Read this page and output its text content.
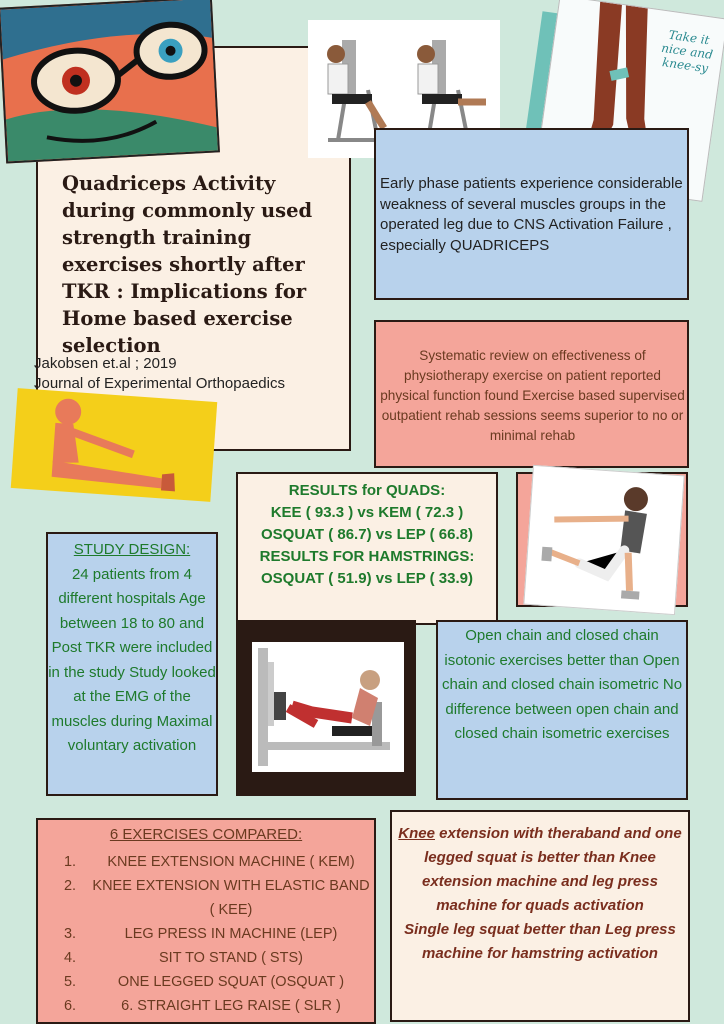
Quadriceps Activity during commonly used strength training exercises shortly after TKR : Implications for Home based exercise selection
Jakobsen et.al ; 2019
Journal of Experimental Orthopaedics
Take it nice and knee-sy
Early phase patients experience considerable weakness of several muscles groups in the operated leg due to CNS Activation Failure , especially QUADRICEPS
Systematic review on effectiveness of physiotherapy exercise on patient reported physical function found Exercise based supervised outpatient rehab sessions seems superior to no or minimal rehab
RESULTS for QUADS:
KEE ( 93.3 ) vs KEM ( 72.3 )
OSQUAT ( 86.7) vs LEP ( 66.8)
RESULTS FOR HAMSTRINGS:
OSQUAT ( 51.9) vs LEP ( 33.9)
STUDY DESIGN:
24 patients from 4 different hospitals Age between 18 to 80 and Post TKR were included in the study Study looked at the EMG of the muscles during Maximal voluntary activation
Open chain and closed chain isotonic exercises better than Open chain and closed chain isometric No difference between open chain and closed chain isometric exercises
6 EXERCISES COMPARED:
1.	KNEE EXTENSION MACHINE ( KEM)
2.	KNEE EXTENSION WITH ELASTIC BAND ( KEE)
3.	LEG PRESS IN MACHINE (LEP)
4.	SIT TO STAND ( STS)
5.	ONE LEGGED SQUAT (OSQUAT )
6.	6. STRAIGHT LEG RAISE ( SLR )
Knee extension with theraband and one legged squat is better than Knee extension machine and leg press machine for quads activation
Single leg squat better than Leg press machine for hamstring activation
